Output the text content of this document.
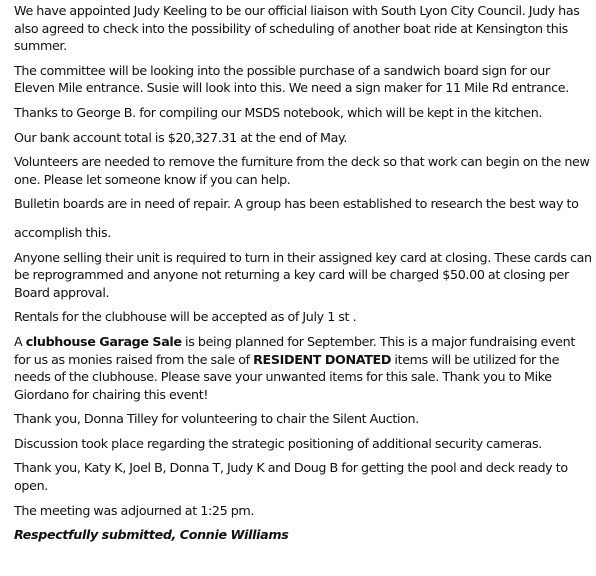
We have appointed Judy Keeling to be our official liaison with South Lyon City Council. Judy has also agreed to check into the possibility of scheduling of another boat ride at Kensington this summer.

The committee will be looking into the possible purchase of a sandwich board sign for our Eleven Mile entrance. Susie will look into this. We need a sign maker for 11 Mile Rd entrance.

Thanks to George B. for compiling our MSDS notebook, which will be kept in the kitchen.

Our bank account total is $20,327.31 at the end of May.

Volunteers are needed to remove the furniture from the deck so that work can begin on the new one. Please let someone know if you can help.

Bulletin boards are in need of repair. A group has been established to research the best way to

accomplish this.

Anyone selling their unit is required to turn in their assigned key card at closing. These cards can be reprogrammed and anyone not returning a key card will be charged $50.00 at closing per Board approval.

Rentals for the clubhouse will be accepted as of July 1 st .

A clubhouse Garage Sale is being planned for September. This is a major fundraising event for us as monies raised from the sale of RESIDENT DONATED items will be utilized for the needs of the clubhouse. Please save your unwanted items for this sale. Thank you to Mike Giordano for chairing this event!

Thank you, Donna Tilley for volunteering to chair the Silent Auction.

Discussion took place regarding the strategic positioning of additional security cameras.

Thank you, Katy K, Joel B, Donna T, Judy K and Doug B for getting the pool and deck ready to open.

The meeting was adjourned at 1:25 pm.

Respectfully submitted, Connie Williams
